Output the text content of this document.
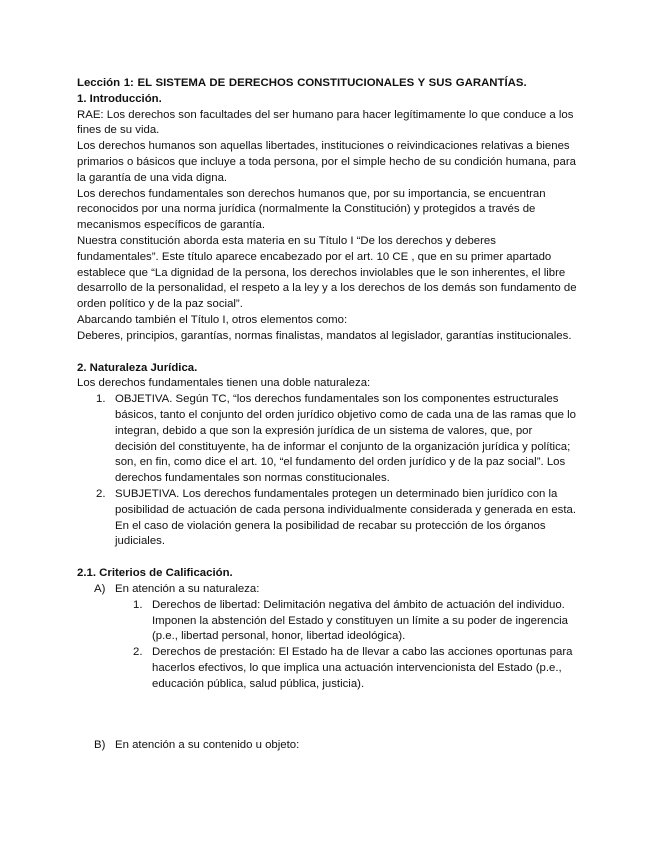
Lección 1: EL SISTEMA DE DERECHOS CONSTITUCIONALES Y SUS GARANTÍAS.

1. Introducción.

RAE: Los derechos son facultades del ser humano para hacer legítimamente lo que conduce a los fines de su vida.

Los derechos humanos son aquellas libertades, instituciones o reivindicaciones relativas a bienes primarios o básicos que incluye a toda persona, por el simple hecho de su condición humana, para la garantía de una vida digna.

Los derechos fundamentales son derechos humanos que, por su importancia, se encuentran reconocidos por una norma jurídica (normalmente la Constitución) y protegidos a través de mecanismos específicos de garantía.

Nuestra constitución aborda esta materia en su Título I “De los derechos y deberes fundamentales”. Este título aparece encabezado por el art. 10 CE , que en su primer apartado establece que “La dignidad de la persona, los derechos inviolables que le son inherentes, el libre desarrollo de la personalidad, el respeto a la ley y a los derechos de los demás son fundamento de orden político y de la paz social”.

Abarcando también el Título I, otros elementos como:

Deberes, principios, garantías, normas finalistas, mandatos al legislador, garantías institucionales.

2. Naturaleza Jurídica.

Los derechos fundamentales tienen una doble naturaleza:

1. OBJETIVA. Según TC, “los derechos fundamentales son los componentes estructurales básicos, tanto el conjunto del orden jurídico objetivo como de cada una de las ramas que lo integran, debido a que son la expresión jurídica de un sistema de valores, que, por decisión del constituyente, ha de informar el conjunto de la organización jurídica y política; son, en fin, como dice el art. 10, “el fundamento del orden jurídico y de la paz social”. Los derechos fundamentales son normas constitucionales.
2. SUBJETIVA. Los derechos fundamentales protegen un determinado bien jurídico con la posibilidad de actuación de cada persona individualmente considerada y generada en esta. En el caso de violación genera la posibilidad de recabar su protección de los órganos judiciales.

2.1. Criterios de Calificación.

A) En atención a su naturaleza:
1. Derechos de libertad: Delimitación negativa del ámbito de actuación del individuo. Imponen la abstención del Estado y constituyen un límite a su poder de ingerencia (p.e., libertad personal, honor, libertad ideológica).
2. Derechos de prestación: El Estado ha de llevar a cabo las acciones oportunas para hacerlos efectivos, lo que implica una actuación intervencionista del Estado (p.e., educación pública, salud pública, justicia).
B) En atención a su contenido u objeto:
